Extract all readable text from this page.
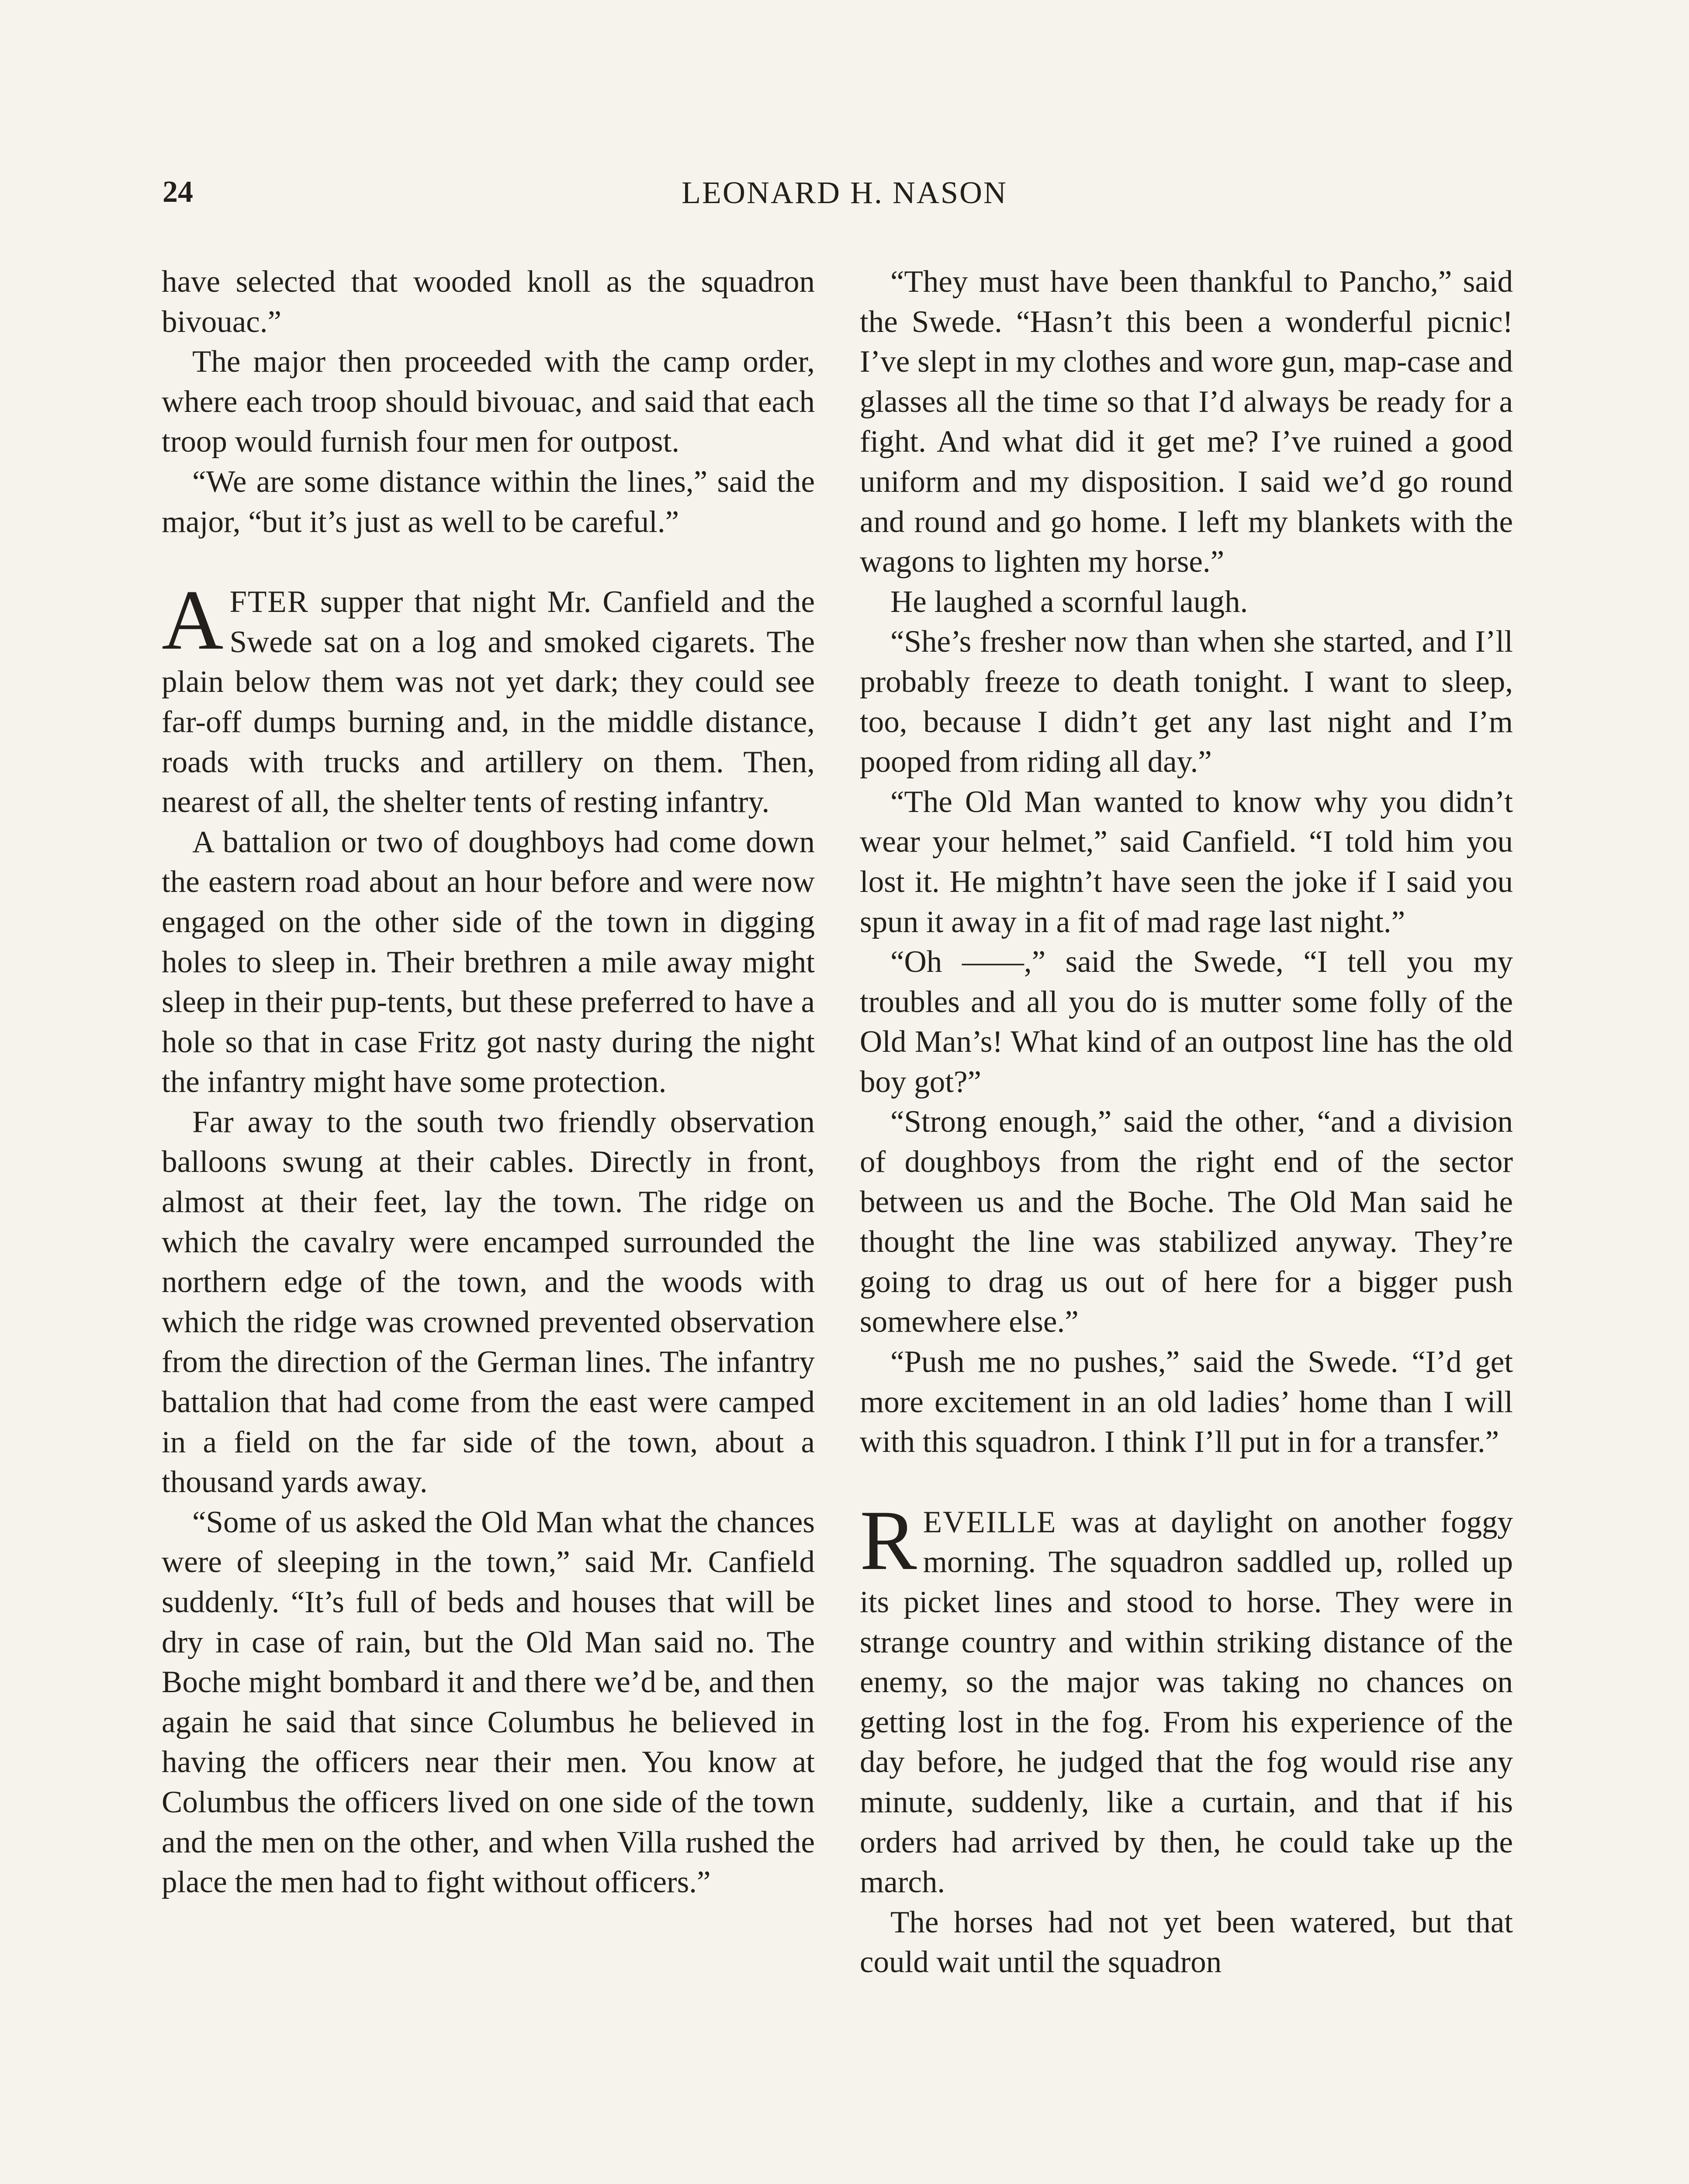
24	LEONARD H. NASON

have selected that wooded knoll as the squadron bivouac.”

The major then proceeded with the camp order, where each troop should bivouac, and said that each troop would furnish four men for outpost.

“We are some distance within the lines,” said the major, “but it’s just as well to be careful.”

AFTER supper that night Mr. Canfield and the Swede sat on a log and smoked cigarets. The plain below them was not yet dark; they could see far-off dumps burning and, in the middle distance, roads with trucks and artillery on them. Then, nearest of all, the shelter tents of resting infantry.

A battalion or two of doughboys had come down the eastern road about an hour before and were now engaged on the other side of the town in digging holes to sleep in. Their brethren a mile away might sleep in their pup-tents, but these preferred to have a hole so that in case Fritz got nasty during the night the infantry might have some protection.

Far away to the south two friendly observation balloons swung at their cables. Directly in front, almost at their feet, lay the town. The ridge on which the cavalry were encamped surrounded the northern edge of the town, and the woods with which the ridge was crowned prevented observation from the direction of the German lines. The infantry battalion that had come from the east were camped in a field on the far side of the town, about a thousand yards away.

“Some of us asked the Old Man what the chances were of sleeping in the town,” said Mr. Canfield suddenly. “It’s full of beds and houses that will be dry in case of rain, but the Old Man said no. The Boche might bombard it and there we’d be, and then again he said that since Columbus he believed in having the officers near their men. You know at Columbus the officers lived on one side of the town and the men on the other, and when Villa rushed the place the men had to fight without officers.”

“They must have been thankful to Pancho,” said the Swede. “Hasn’t this been a wonderful picnic! I’ve slept in my clothes and wore gun, map-case and glasses all the time so that I’d always be ready for a fight. And what did it get me? I’ve ruined a good uniform and my disposition. I said we’d go round and round and go home. I left my blankets with the wagons to lighten my horse.”

He laughed a scornful laugh.

“She’s fresher now than when she started, and I’ll probably freeze to death tonight. I want to sleep, too, because I didn’t get any last night and I’m pooped from riding all day.”

“The Old Man wanted to know why you didn’t wear your helmet,” said Canfield. “I told him you lost it. He mightn’t have seen the joke if I said you spun it away in a fit of mad rage last night.”

“Oh ——,” said the Swede, “I tell you my troubles and all you do is mutter some folly of the Old Man’s! What kind of an outpost line has the old boy got?”

“Strong enough,” said the other, “and a division of doughboys from the right end of the sector between us and the Boche. The Old Man said he thought the line was stabilized anyway. They’re going to drag us out of here for a bigger push somewhere else.”

“Push me no pushes,” said the Swede. “I’d get more excitement in an old ladies’ home than I will with this squadron. I think I’ll put in for a transfer.”

REVEILLE was at daylight on another foggy morning. The squadron saddled up, rolled up its picket lines and stood to horse. They were in strange country and within striking distance of the enemy, so the major was taking no chances on getting lost in the fog. From his experience of the day before, he judged that the fog would rise any minute, suddenly, like a curtain, and that if his orders had arrived by then, he could take up the march.

The horses had not yet been watered, but that could wait until the squadron
